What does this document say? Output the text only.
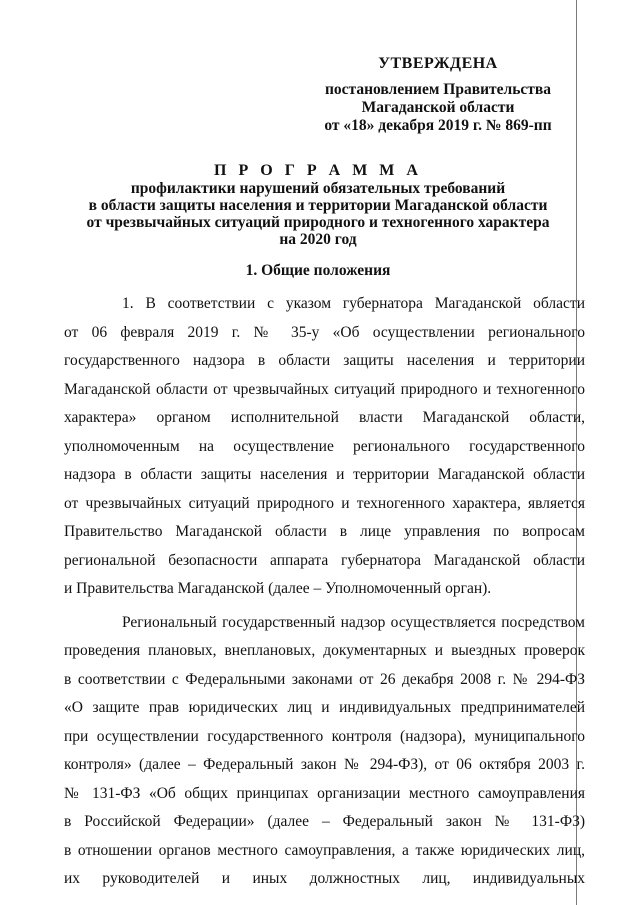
УТВЕРЖДЕНА
постановлением Правительства
Магаданской области
от «18» декабря 2019 г. № 869-пп
П Р О Г Р А М М А
профилактики нарушений обязательных требований
в области защиты населения и территории Магаданской области
от чрезвычайных ситуаций природного и техногенного характера
на 2020 год
1. Общие положения
1. В соответствии с указом губернатора Магаданской области
от 06 февраля 2019 г. № 35-у «Об осуществлении регионального
государственного надзора в области защиты населения и территории
Магаданской области от чрезвычайных ситуаций природного и техногенного
характера» органом исполнительной власти Магаданской области,
уполномоченным на осуществление регионального государственного
надзора в области защиты населения и территории Магаданской области
от чрезвычайных ситуаций природного и техногенного характера, является
Правительство Магаданской области в лице управления по вопросам
региональной безопасности аппарата губернатора Магаданской области
и Правительства Магаданской (далее – Уполномоченный орган).
Региональный государственный надзор осуществляется посредством
проведения плановых, внеплановых, документарных и выездных проверок
в соответствии с Федеральными законами от 26 декабря 2008 г. № 294-ФЗ
«О защите прав юридических лиц и индивидуальных предпринимателей
при осуществлении государственного контроля (надзора), муниципального
контроля» (далее – Федеральный закон № 294-ФЗ), от 06 октября 2003 г.
№ 131-ФЗ «Об общих принципах организации местного самоуправления
в Российской Федерации» (далее – Федеральный закон № 131-ФЗ)
в отношении органов местного самоуправления, а также юридических лиц,
их руководителей и иных должностных лиц, индивидуальных
